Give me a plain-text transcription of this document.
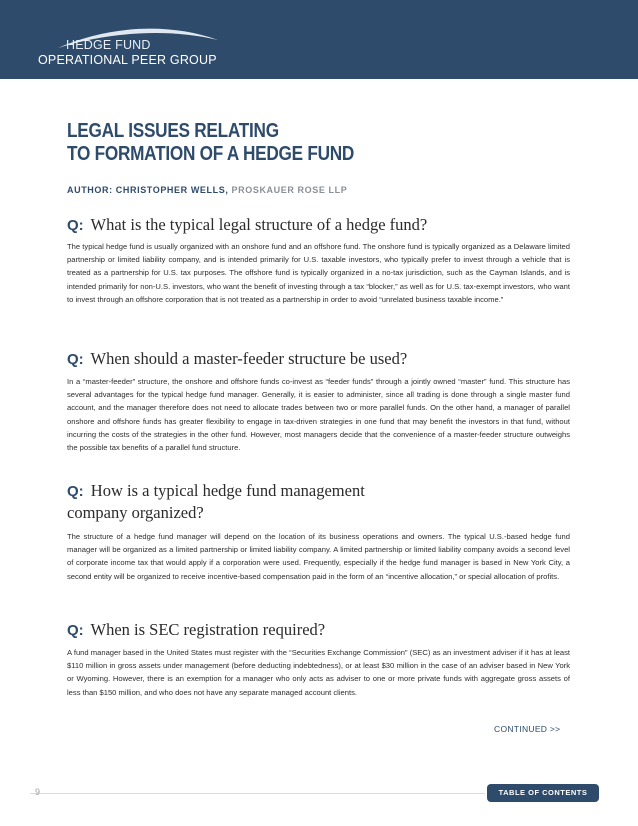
HEDGE FUND
OPERATIONAL PEER GROUP
LEGAL ISSUES RELATING
TO FORMATION OF A HEDGE FUND
AUTHOR: CHRISTOPHER WELLS, PROSKAUER ROSE LLP
Q: What is the typical legal structure of a hedge fund?
The typical hedge fund is usually organized with an onshore fund and an offshore fund. The onshore fund is typically organized as a Delaware limited partnership or limited liability company, and is intended primarily for U.S. taxable investors, who typically prefer to invest through a vehicle that is treated as a partnership for U.S. tax purposes. The offshore fund is typically organized in a no-tax jurisdiction, such as the Cayman Islands, and is intended primarily for non-U.S. investors, who want the benefit of investing through a tax “blocker,” as well as for U.S. tax-exempt investors, who want to invest through an offshore corporation that is not treated as a partnership in order to avoid “unrelated business taxable income.”
Q: When should a master-feeder structure be used?
In a “master-feeder” structure, the onshore and offshore funds co-invest as “feeder funds” through a jointly owned “master” fund. This structure has several advantages for the typical hedge fund manager. Generally, it is easier to administer, since all trading is done through a single master fund account, and the manager therefore does not need to allocate trades between two or more parallel funds. On the other hand, a manager of parallel onshore and offshore funds has greater flexibility to engage in tax-driven strategies in one fund that may benefit the investors in that fund, without incurring the costs of the strategies in the other fund. However, most managers decide that the convenience of a master-feeder structure outweighs the possible tax benefits of a parallel fund structure.
Q: How is a typical hedge fund management company organized?
The structure of a hedge fund manager will depend on the location of its business operations and owners. The typical U.S.-based hedge fund manager will be organized as a limited partnership or limited liability company. A limited partnership or limited liability company avoids a second level of corporate income tax that would apply if a corporation were used. Frequently, especially if the hedge fund manager is based in New York City, a second entity will be organized to receive incentive-based compensation paid in the form of an “incentive allocation,” or special allocation of profits.
Q: When is SEC registration required?
A fund manager based in the United States must register with the “Securities Exchange Commission” (SEC) as an investment adviser if it has at least $110 million in gross assets under management (before deducting indebtedness), or at least $30 million in the case of an adviser based in New York or Wyoming. However, there is an exemption for a manager who only acts as adviser to one or more private funds with aggregate gross assets of less than $150 million, and who does not have any separate managed account clients.
CONTINUED >>
9	TABLE OF CONTENTS
